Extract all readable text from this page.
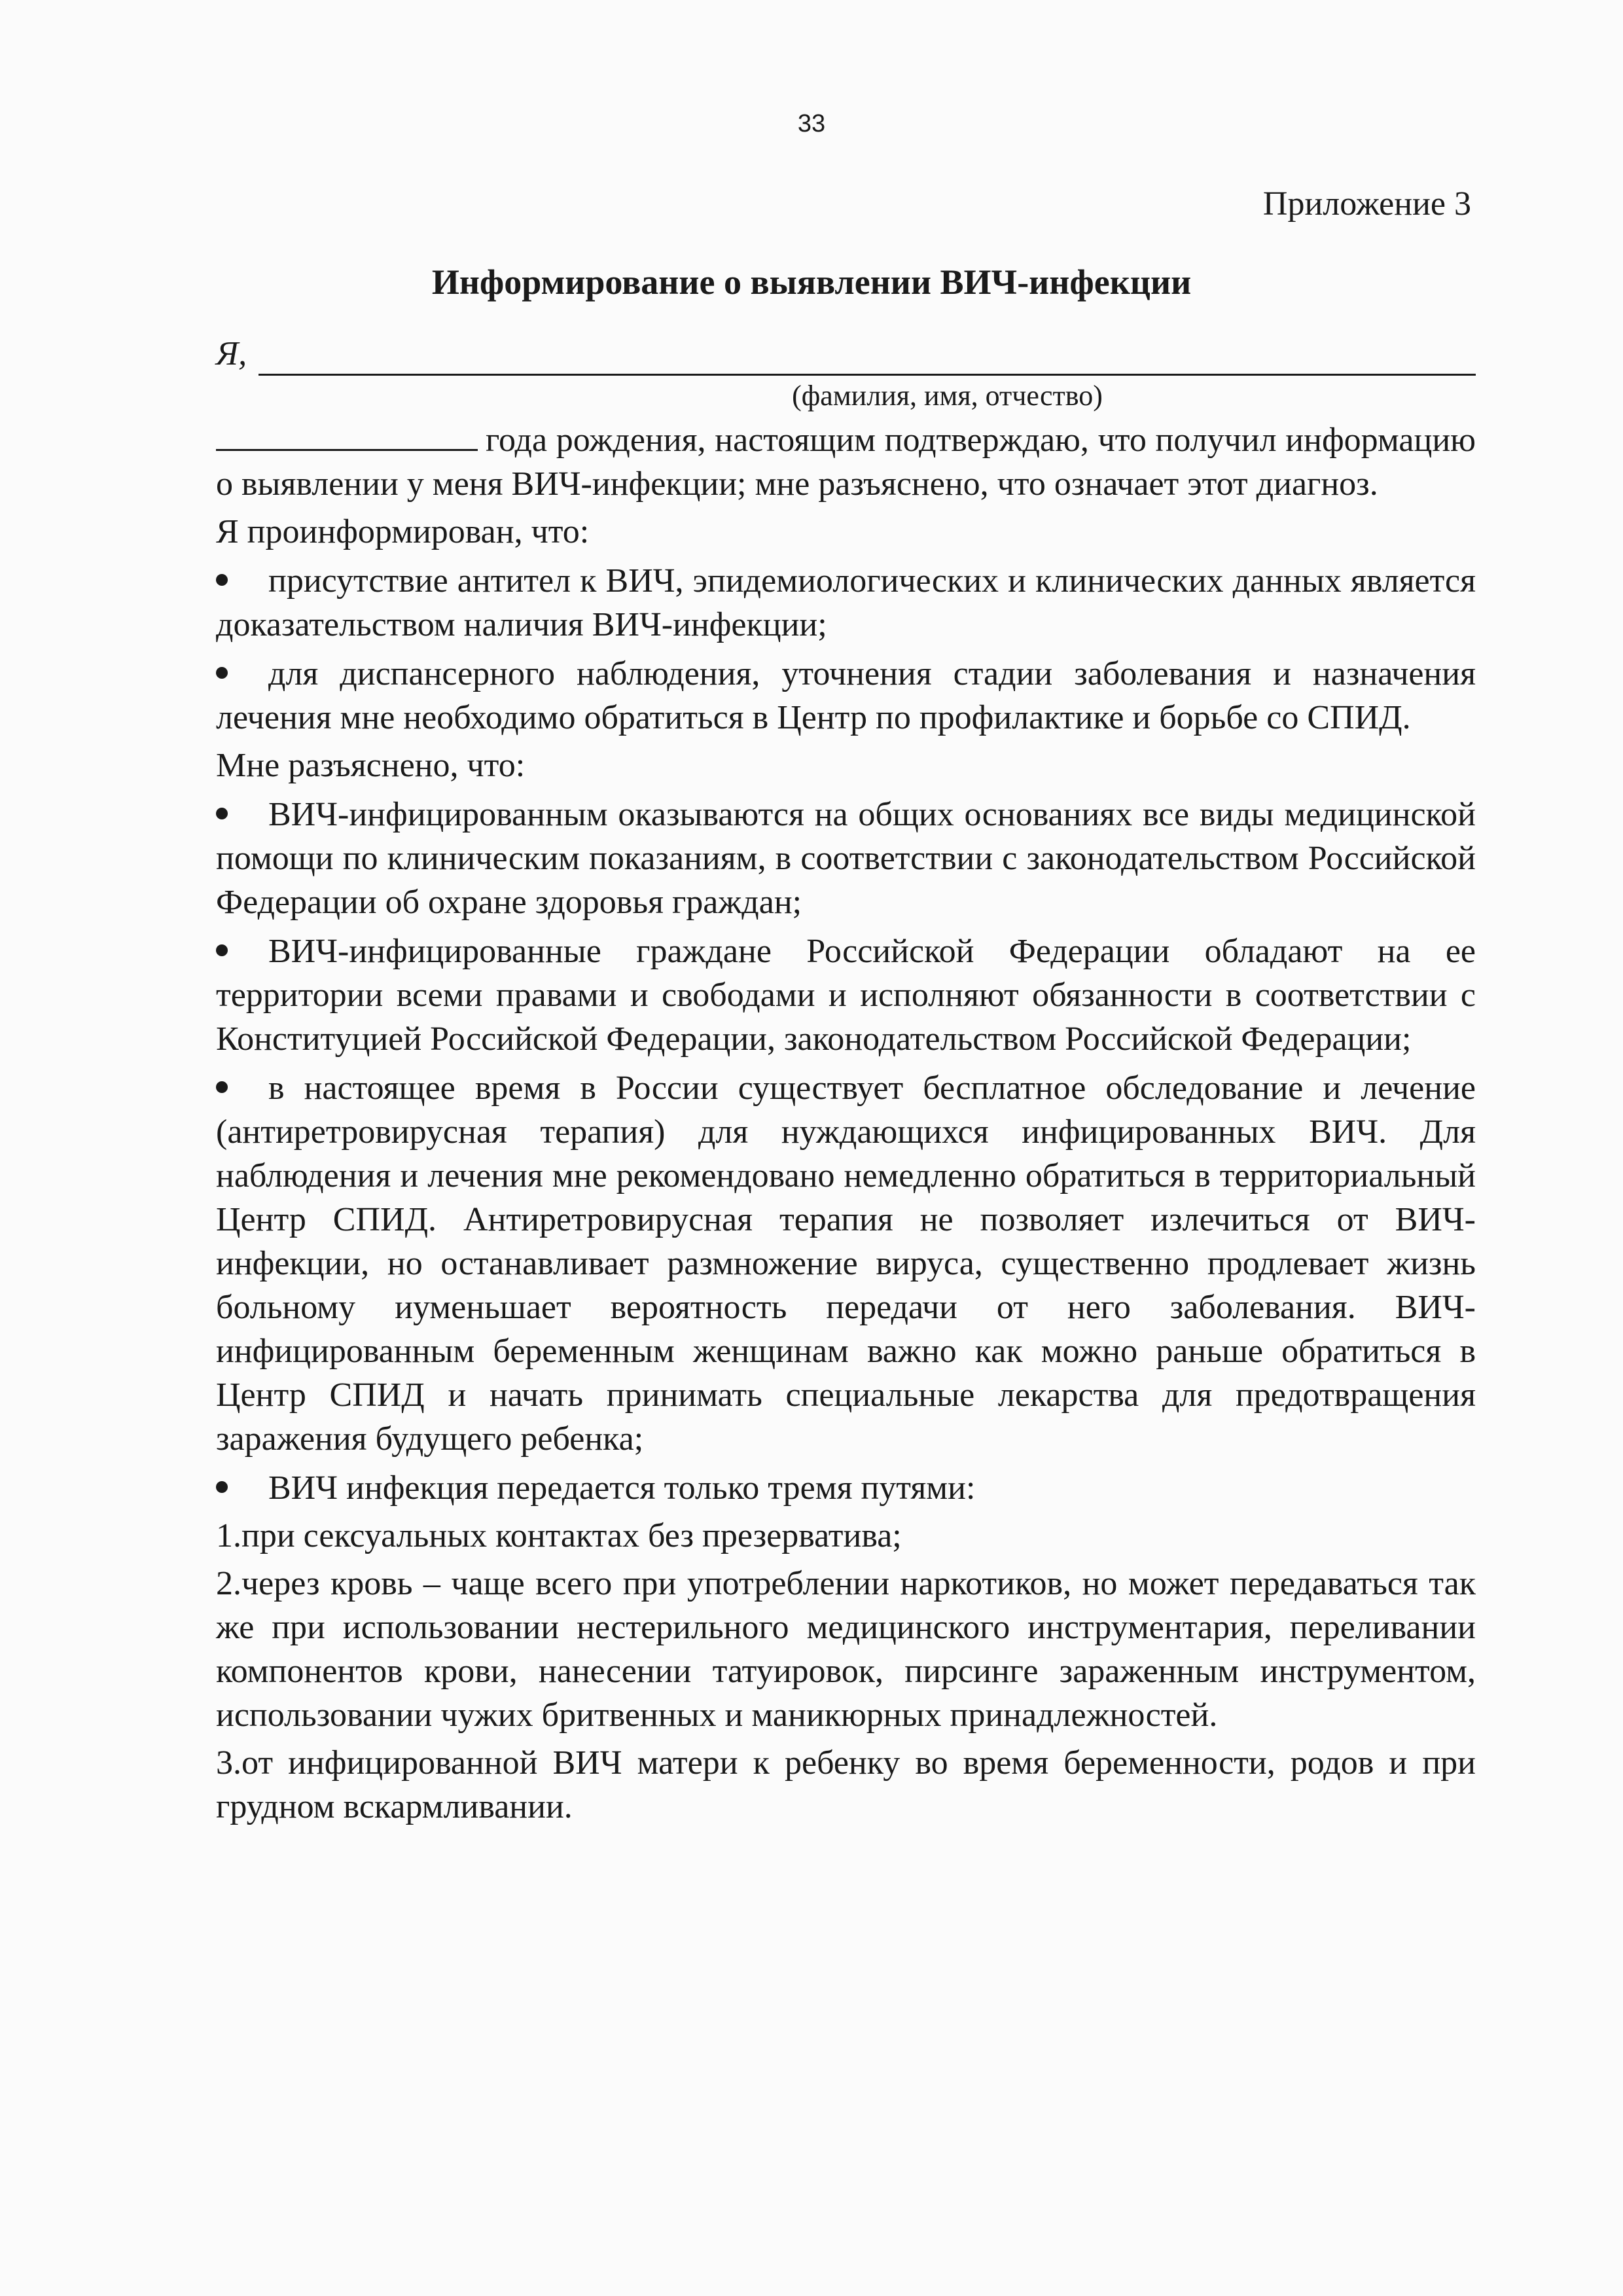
33
Приложение 3
Информирование о выявлении ВИЧ-инфекции
Я,
(фамилия, имя, отчество)

года рождения, настоящим подтверждаю, что получил информацию о выявлении у меня ВИЧ-инфекции; мне разъяснено, что означает этот диагноз.

Я проинформирован, что:

присутствие антител к ВИЧ, эпидемиологических и клинических данных является доказательством наличия ВИЧ-инфекции;

для диспансерного наблюдения, уточнения стадии заболевания и назначения лечения мне необходимо обратиться в Центр по профилактике и борьбе со СПИД.

Мне разъяснено, что:

ВИЧ-инфицированным оказываются на общих основаниях все виды медицинской помощи по клиническим показаниям, в соответствии с законодательством Российской Федерации об охране здоровья граждан;

ВИЧ-инфицированные граждане Российской Федерации обладают на ее территории всеми правами и свободами и исполняют обязанности в соответствии с Конституцией Российской Федерации, законодательством Российской Федерации;

в настоящее время в России существует бесплатное обследование и лечение (антиретровирусная терапия) для нуждающихся инфицированных ВИЧ. Для наблюдения и лечения мне рекомендовано немедленно обратиться в территориальный Центр СПИД. Антиретровирусная терапия не позволяет излечиться от ВИЧ-инфекции, но останавливает размножение вируса, существенно продлевает жизнь больному иуменьшает вероятность передачи от него заболевания. ВИЧ-инфицированным беременным женщинам важно как можно раньше обратиться в Центр СПИД и начать принимать специальные лекарства для предотвращения заражения будущего ребенка;

ВИЧ инфекция передается только тремя путями:

1.при сексуальных контактах без презерватива;

2.через кровь – чаще всего при употреблении наркотиков, но может передаваться так же при использовании нестерильного медицинского инструментария, переливании компонентов крови, нанесении татуировок, пирсинге зараженным инструментом, использовании чужих бритвенных и маникюрных принадлежностей.

3.от инфицированной ВИЧ матери к ребенку во время беременности, родов и при грудном вскармливании.
